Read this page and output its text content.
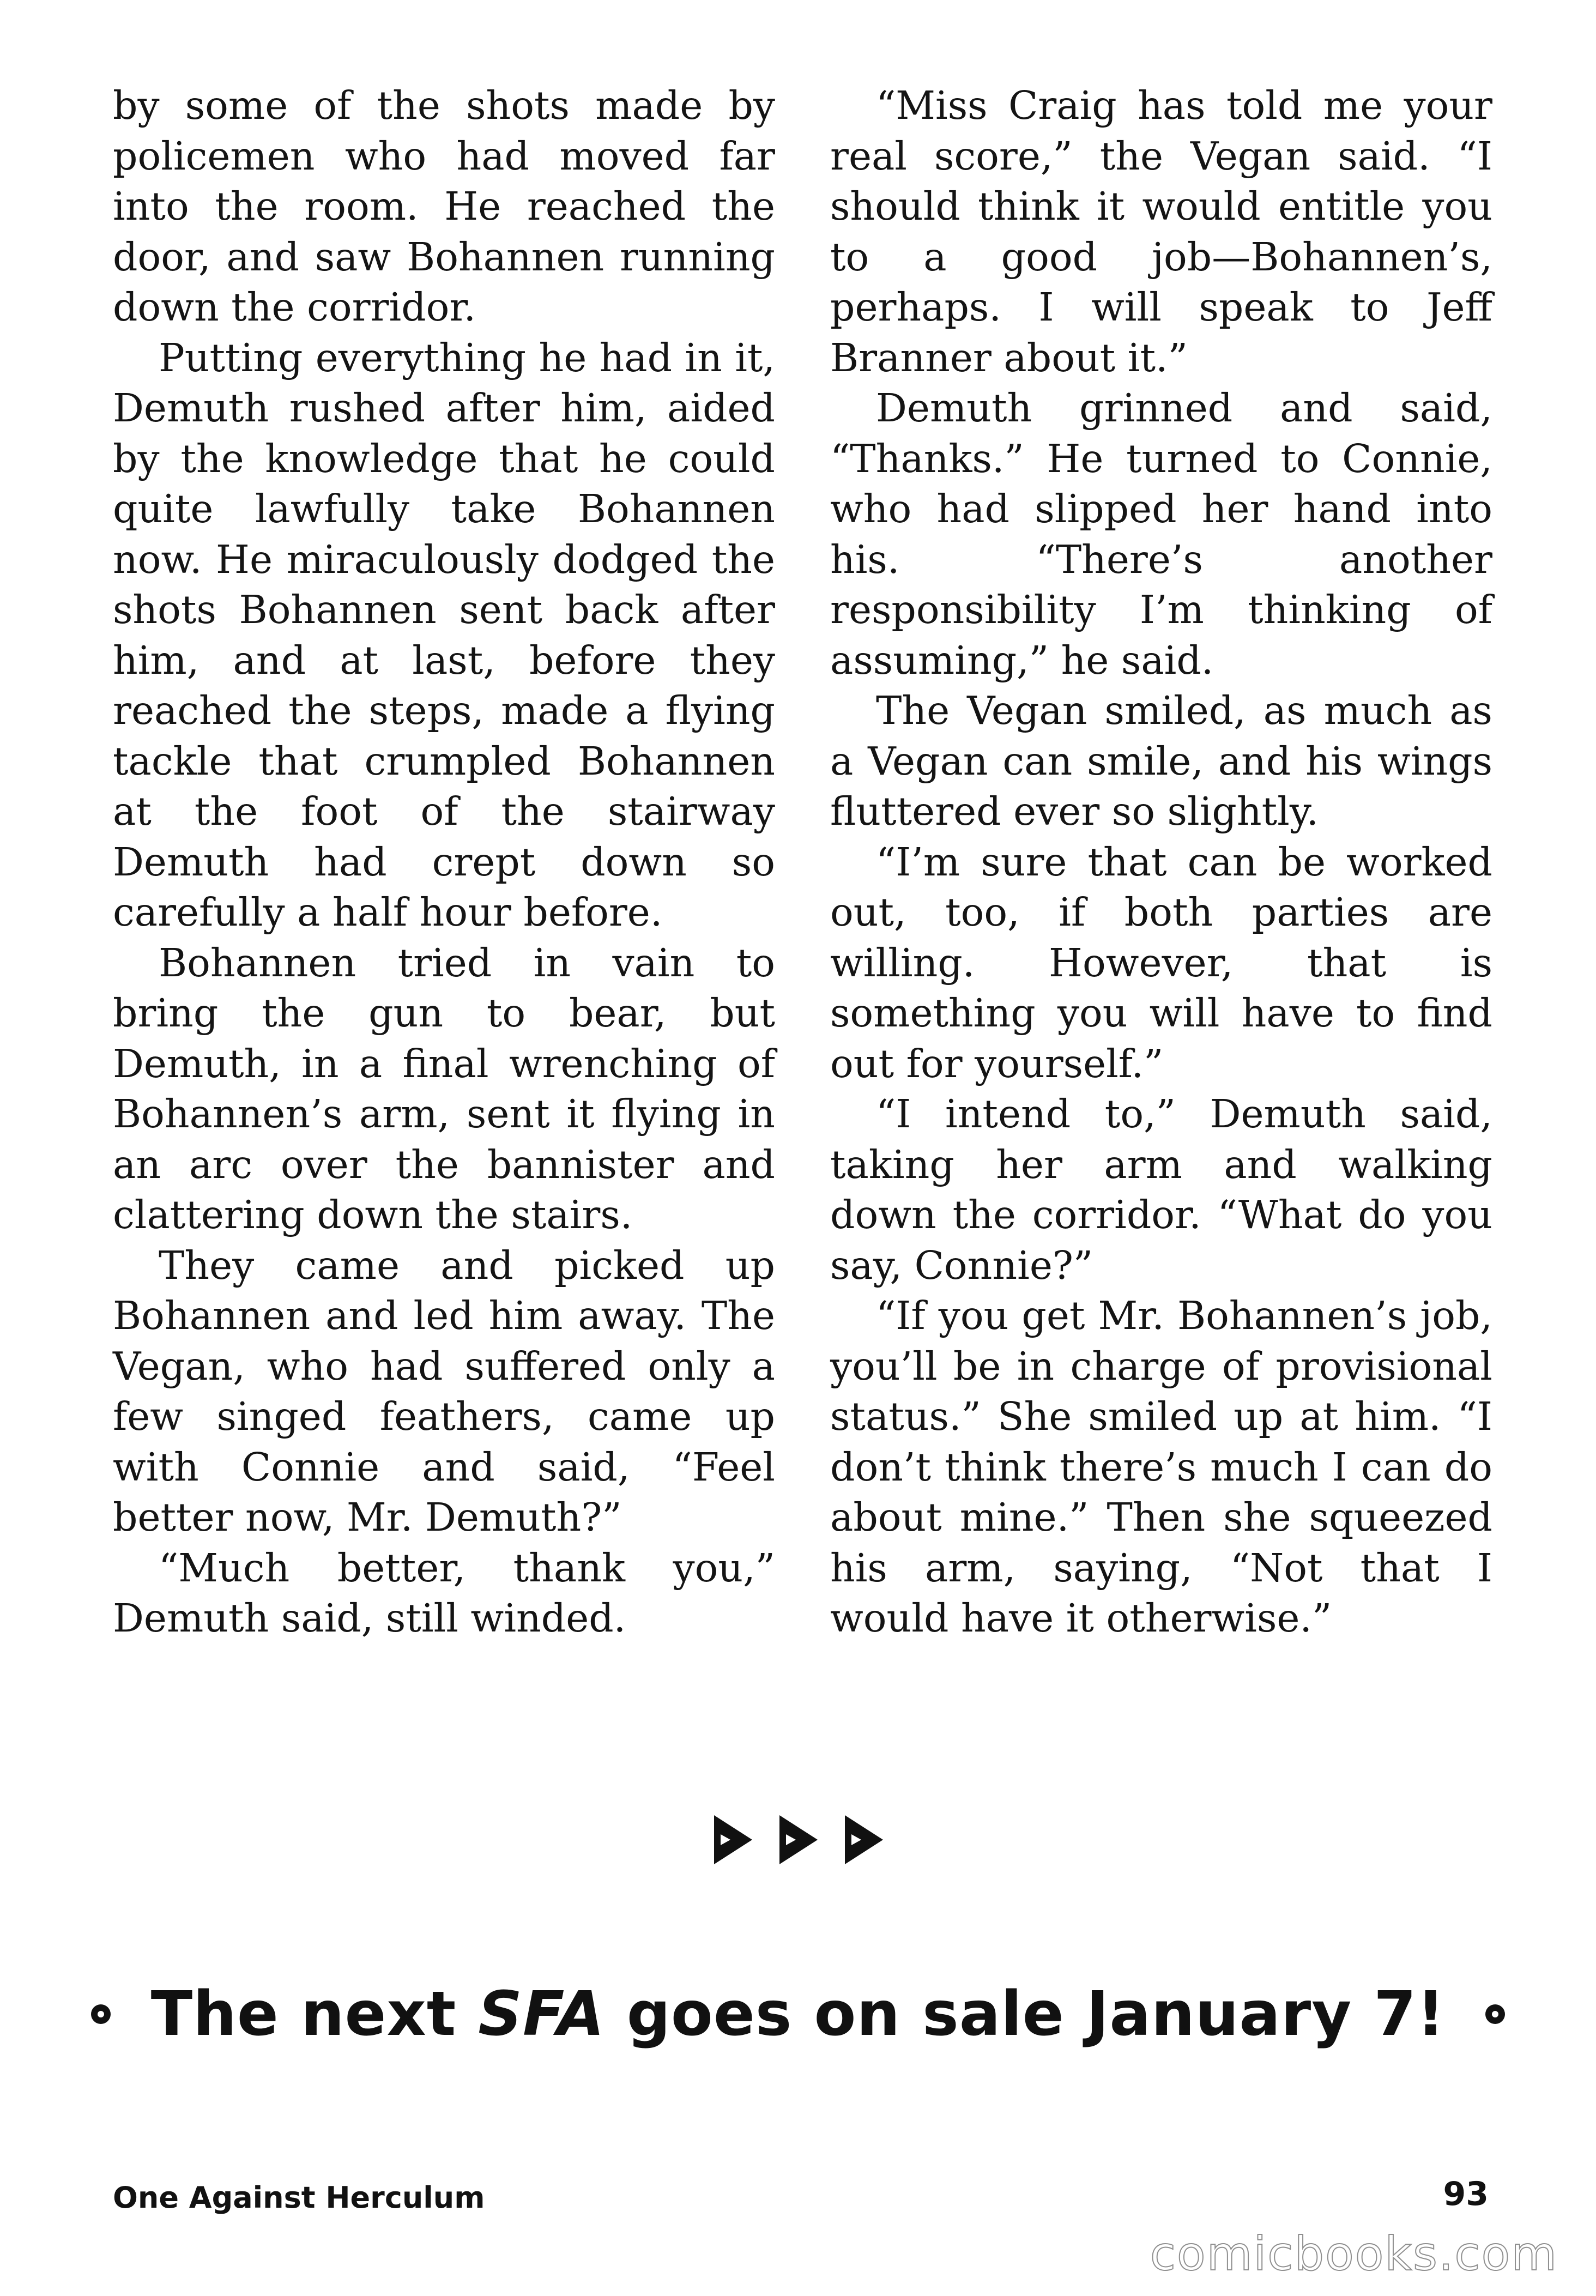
by some of the shots made by policemen who had moved far into the room. He reached the door, and saw Bohannen running down the corridor.

Putting everything he had in it, Demuth rushed after him, aided by the knowledge that he could quite lawfully take Bohannen now. He miraculously dodged the shots Bohannen sent back after him, and at last, before they reached the steps, made a flying tackle that crumpled Bohannen at the foot of the stairway Demuth had crept down so carefully a half hour before.

Bohannen tried in vain to bring the gun to bear, but Demuth, in a final wrenching of Bohannen’s arm, sent it flying in an arc over the bannister and clattering down the stairs.

They came and picked up Bohannen and led him away. The Vegan, who had suffered only a few singed feathers, came up with Connie and said, “Feel better now, Mr. Demuth?”

“Much better, thank you,” Demuth said, still winded.

“Miss Craig has told me your real score,” the Vegan said. “I should think it would entitle you to a good job—Bohannen’s, perhaps. I will speak to Jeff Branner about it.”

Demuth grinned and said, “Thanks.” He turned to Connie, who had slipped her hand into his. “There’s another responsibility I’m thinking of assuming,” he said.

The Vegan smiled, as much as a Vegan can smile, and his wings fluttered ever so slightly.

“I’m sure that can be worked out, too, if both parties are willing. However, that is something you will have to find out for yourself.”

“I intend to,” Demuth said, taking her arm and walking down the corridor. “What do you say, Connie?”

“If you get Mr. Bohannen’s job, you’ll be in charge of provisional status.” She smiled up at him. “I don’t think there’s much I can do about mine.” Then she squeezed his arm, saying, “Not that I would have it otherwise.”

The next SFA goes on sale January 7!
One Against Herculum	93
comicbooks.com
